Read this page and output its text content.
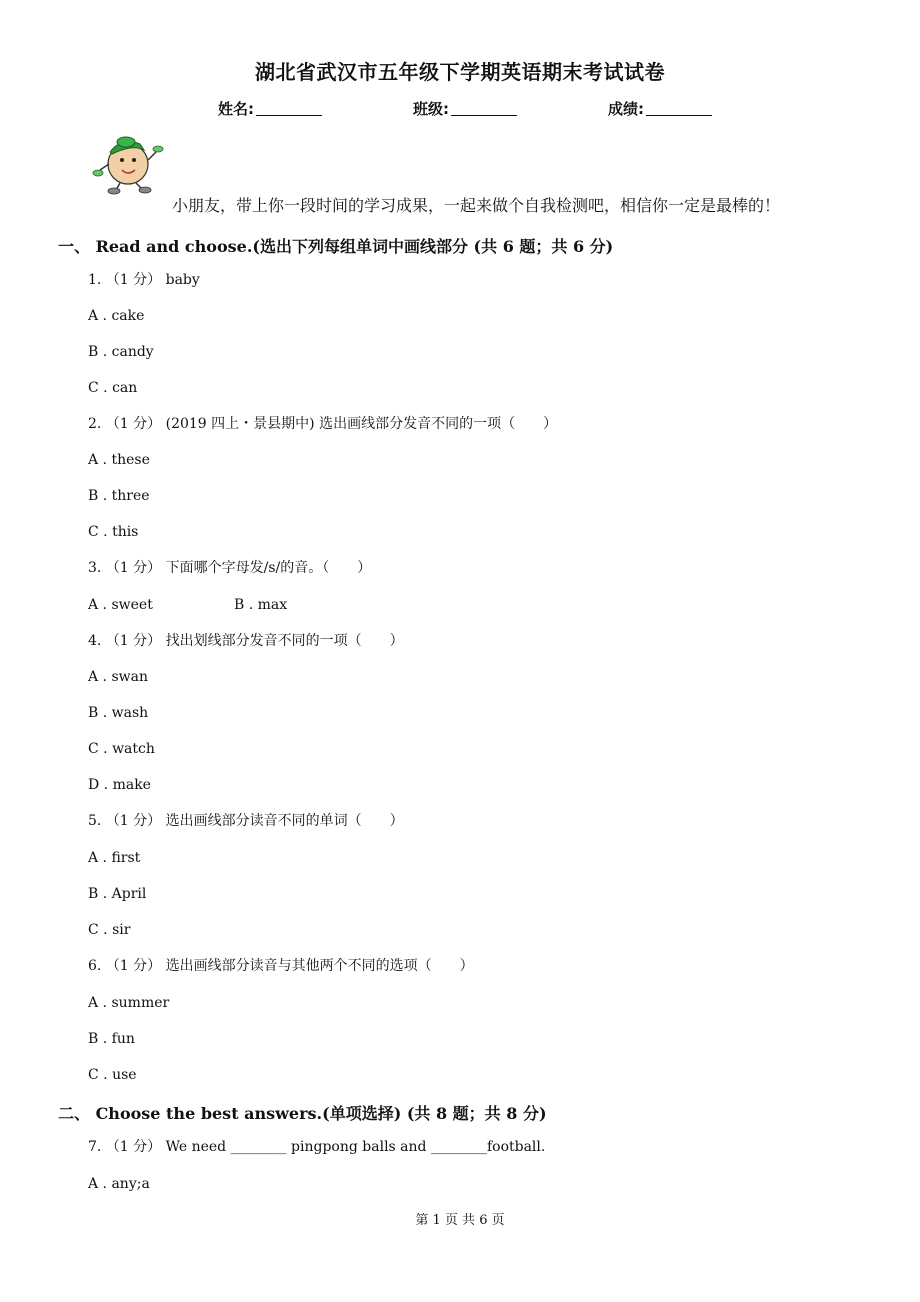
湖北省武汉市五年级下学期英语期末考试试卷
姓名:	班级:	成绩:
小朋友，带上你一段时间的学习成果，一起来做个自我检测吧，相信你一定是最棒的！
一、 Read and choose.(选出下列每组单词中画线部分 (共 6 题；共 6 分)
1. （1 分） baby
A . cake
B . candy
C . can
2. （1 分） (2019 四上・景县期中) 选出画线部分发音不同的一项（　　）
A . these
B . three
C . this
3. （1 分） 下面哪个字母发/s/的音。（　　）
A . sweet	B . max
4. （1 分） 找出划线部分发音不同的一项（　　）
A . swan
B . wash
C . watch
D . make
5. （1 分） 选出画线部分读音不同的单词（　　）
A . first
B . April
C . sir
6. （1 分） 选出画线部分读音与其他两个不同的选项（　　）
A . summer
B . fun
C . use
二、 Choose the best answers.(单项选择) (共 8 题；共 8 分)
7. （1 分） We need ________ pingpong balls and ________football.
A . any;a
第 1 页 共 6 页
